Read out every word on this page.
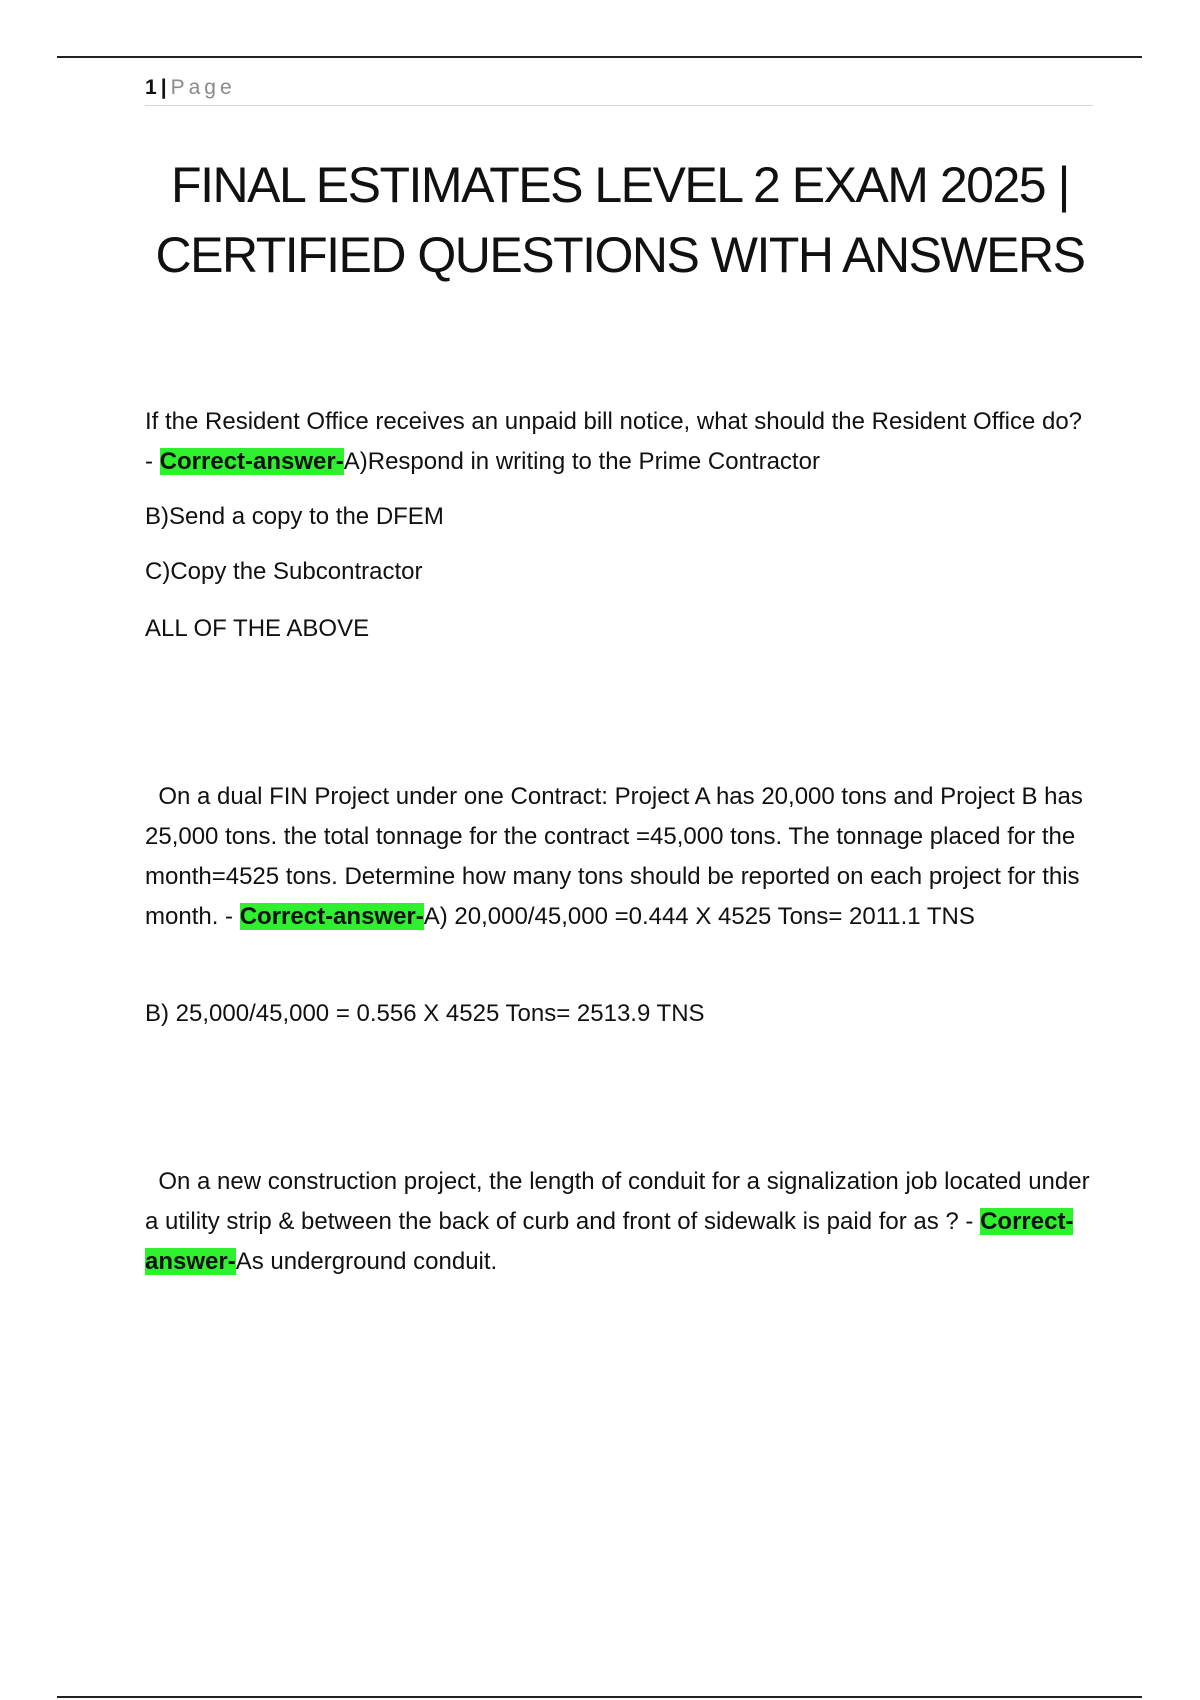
1 | Page
FINAL ESTIMATES LEVEL 2 EXAM 2025 |
CERTIFIED QUESTIONS WITH ANSWERS
If the Resident Office receives an unpaid bill notice, what should the Resident Office do? - Correct-answer-A)Respond in writing to the Prime Contractor
B)Send a copy to the DFEM
C)Copy the Subcontractor
ALL OF THE ABOVE
On a dual FIN Project under one Contract: Project A has 20,000 tons and Project B has 25,000 tons. the total tonnage for the contract =45,000 tons. The tonnage placed for the month=4525 tons. Determine how many tons should be reported on each project for this month. - Correct-answer-A) 20,000/45,000 =0.444 X 4525 Tons= 2011.1 TNS
B) 25,000/45,000 = 0.556 X 4525 Tons= 2513.9 TNS
On a new construction project, the length of conduit for a signalization job located under a utility strip & between the back of curb and front of sidewalk is paid for as ? - Correct-answer-As underground conduit.
